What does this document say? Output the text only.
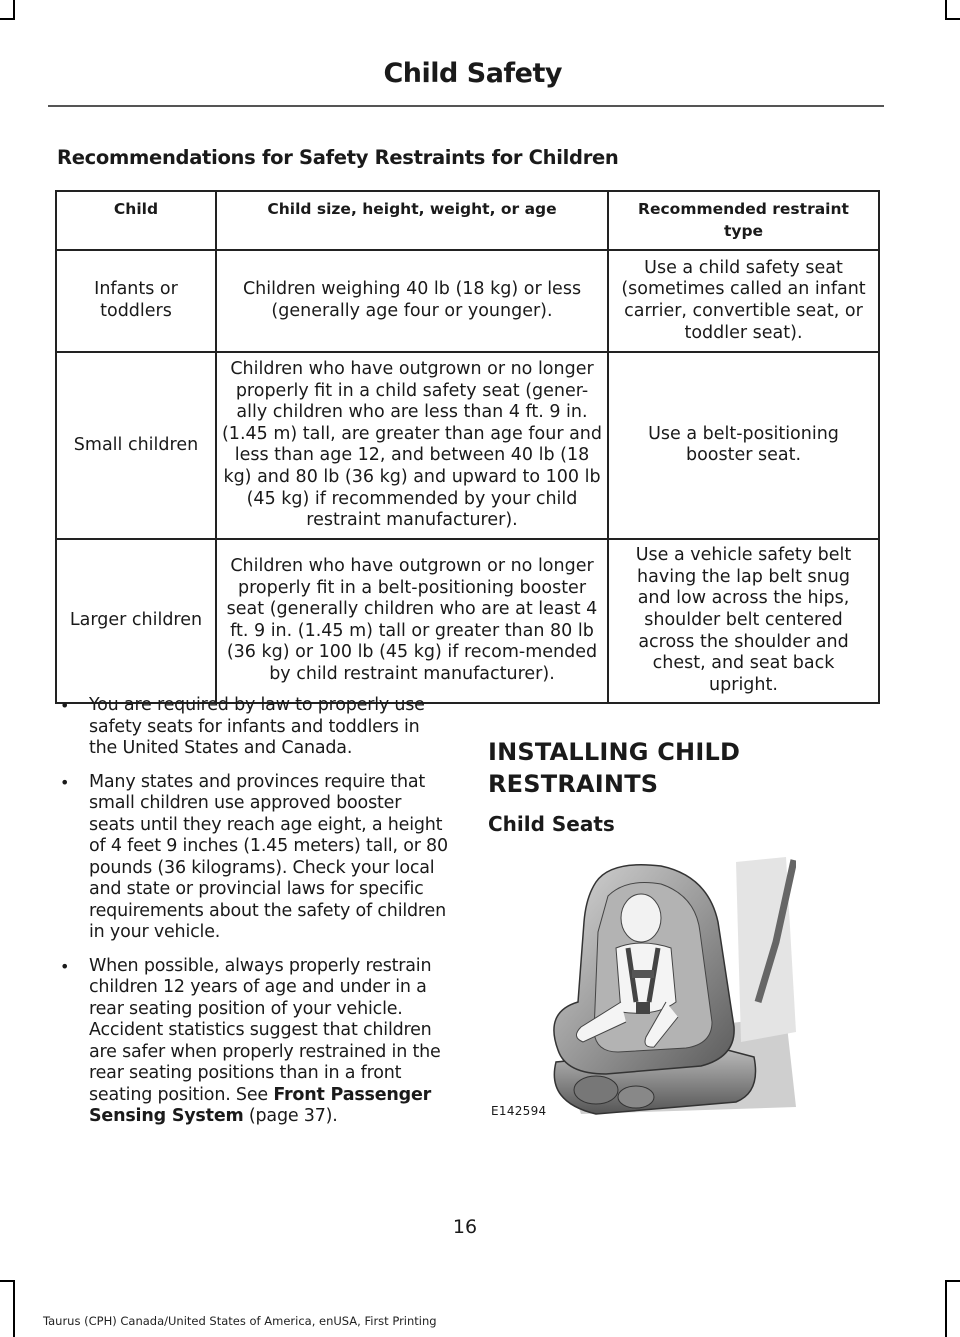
Child Safety
Recommendations for Safety Restraints for Children
Child	Child size, height, weight, or age	Recommended restraint type
Infants or toddlers	Children weighing 40 lb (18 kg) or less (generally age four or younger).	Use a child safety seat (sometimes called an infant carrier, convertible seat, or toddler seat).
Small children	Children who have outgrown or no longer properly fit in a child safety seat (gener-ally children who are less than 4 ft. 9 in. (1.45 m) tall, are greater than age four and less than age 12, and between 40 lb (18 kg) and 80 lb (36 kg) and upward to 100 lb (45 kg) if recommended by your child restraint manufacturer).	Use a belt-positioning booster seat.
Larger children	Children who have outgrown or no longer properly fit in a belt-positioning booster seat (generally children who are at least 4 ft. 9 in. (1.45 m) tall or greater than 80 lb (36 kg) or 100 lb (45 kg) if recom-mended by child restraint manufacturer).	Use a vehicle safety belt having the lap belt snug and low across the hips, shoulder belt centered across the shoulder and chest, and seat back upright.
• You are required by law to properly use safety seats for infants and toddlers in the United States and Canada.
• Many states and provinces require that small children use approved booster seats until they reach age eight, a height of 4 feet 9 inches (1.45 meters) tall, or 80 pounds (36 kilograms). Check your local and state or provincial laws for specific requirements about the safety of children in your vehicle.
• When possible, always properly restrain children 12 years of age and under in a rear seating position of your vehicle. Accident statistics suggest that children are safer when properly restrained in the rear seating positions than in a front seating position. See Front Passenger Sensing System (page 37).
INSTALLING CHILD RESTRAINTS
Child Seats
E142594
16
Taurus (CPH) Canada/United States of America, enUSA, First Printing
